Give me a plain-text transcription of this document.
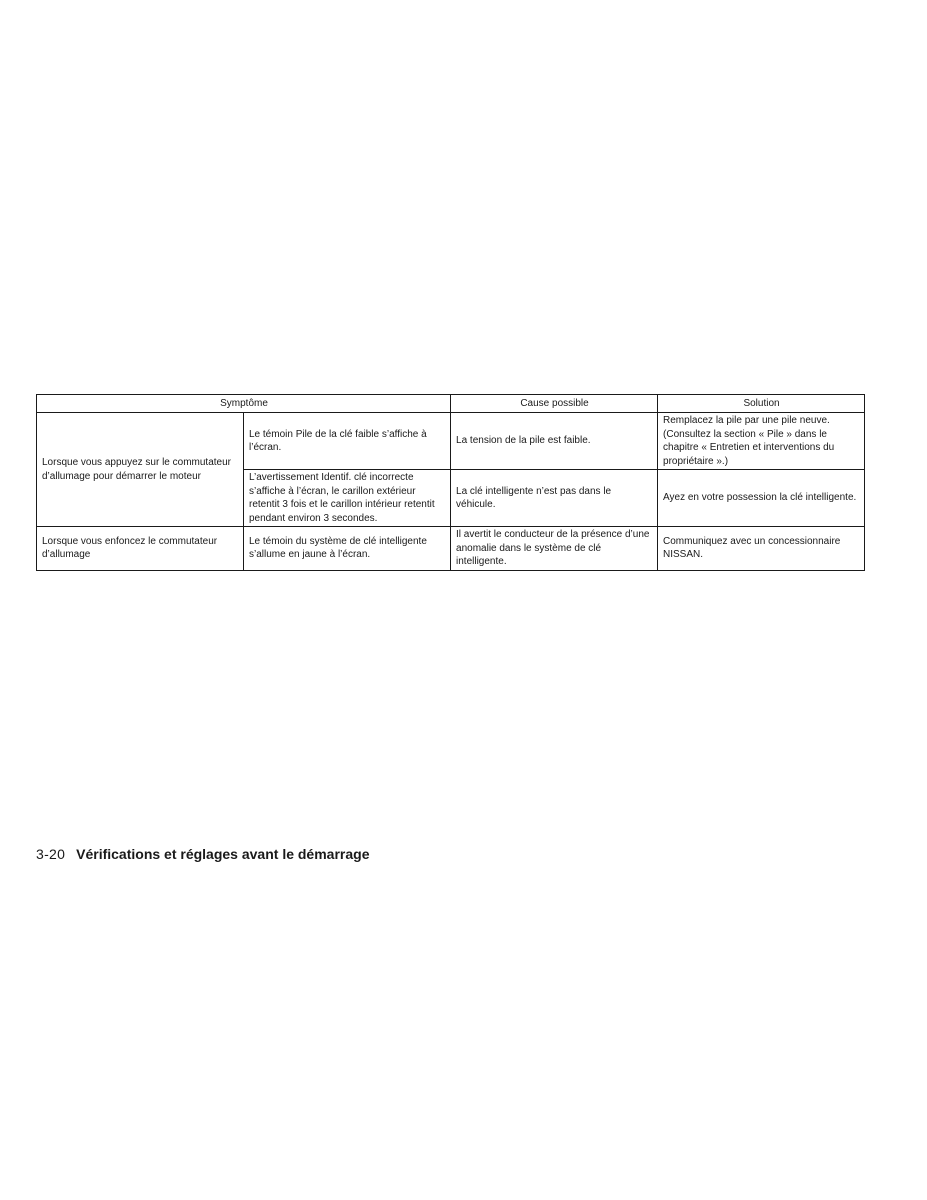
Symptôme		Cause possible	Solution
Lorsque vous appuyez sur le commutateur d’allumage pour démarrer le moteur	Le témoin Pile de la clé faible s’affiche à l’écran.	La tension de la pile est faible.	Remplacez la pile par une pile neuve. (Consultez la section « Pile » dans le chapitre « Entretien et interventions du propriétaire ».)
	L’avertissement Identif. clé incorrecte s’affiche à l’écran, le carillon extérieur retentit 3 fois et le carillon intérieur retentit pendant environ 3 secondes.	La clé intelligente n’est pas dans le véhicule.	Ayez en votre possession la clé intelligente.
Lorsque vous enfoncez le commutateur d’allumage	Le témoin du système de clé intelligente s’allume en jaune à l’écran.	Il avertit le conducteur de la présence d’une anomalie dans le système de clé intelligente.	Communiquez avec un concessionnaire NISSAN.
3-20 Vérifications et réglages avant le démarrage
